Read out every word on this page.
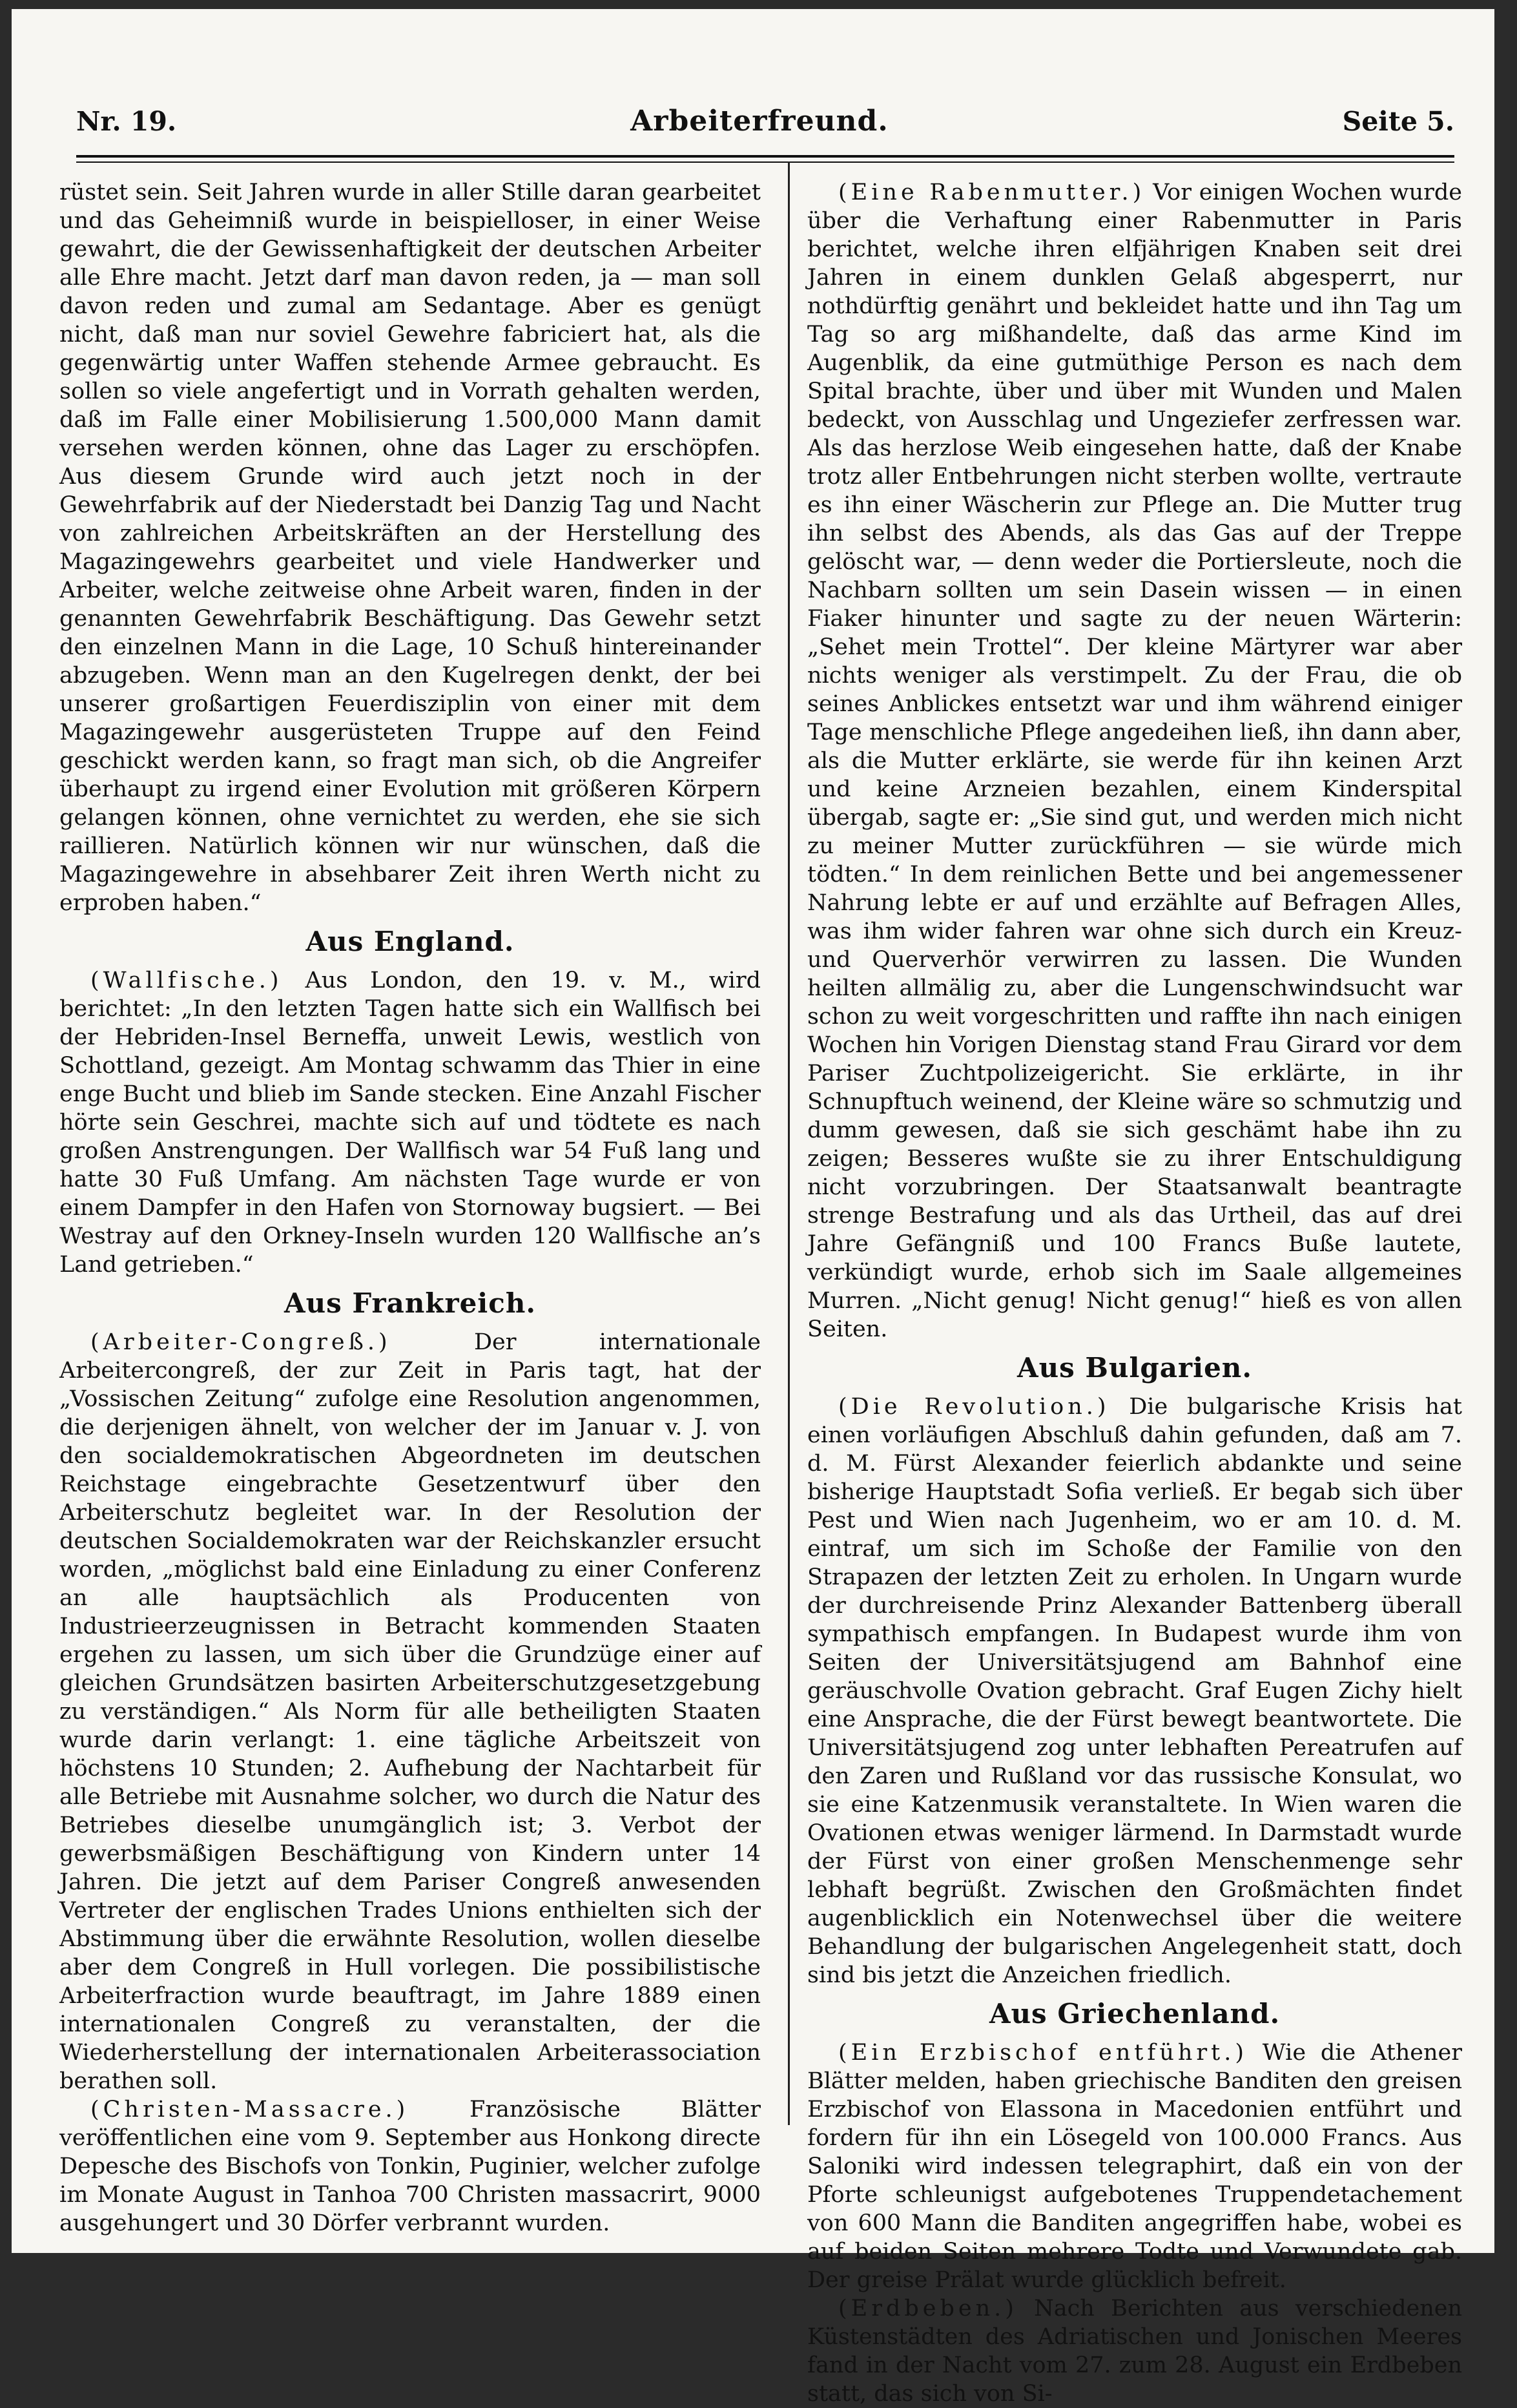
Nr. 19.	Arbeiterfreund.	Seite 5.

rüstet sein. Seit Jahren wurde in aller Stille daran gearbeitet und das Geheimniß wurde in beispielloser, in einer Weise gewahrt, die der Gewissenhaftigkeit der deutschen Arbeiter alle Ehre macht. Jetzt darf man davon reden, ja — man soll davon reden und zumal am Sedantage. Aber es genügt nicht, daß man nur soviel Gewehre fabriciert hat, als die gegenwärtig unter Waffen stehende Armee gebraucht. Es sollen so viele angefertigt und in Vorrath gehalten werden, daß im Falle einer Mobilisierung 1.500,000 Mann damit versehen werden können, ohne das Lager zu erschöpfen. Aus diesem Grunde wird auch jetzt noch in der Gewehrfabrik auf der Niederstadt bei Danzig Tag und Nacht von zahlreichen Arbeitskräften an der Herstellung des Magazingewehrs gearbeitet und viele Handwerker und Arbeiter, welche zeitweise ohne Arbeit waren, finden in der genannten Gewehrfabrik Beschäftigung. Das Gewehr setzt den einzelnen Mann in die Lage, 10 Schuß hintereinander abzugeben. Wenn man an den Kugelregen denkt, der bei unserer großartigen Feuerdisziplin von einer mit dem Magazingewehr ausgerüsteten Truppe auf den Feind geschickt werden kann, so fragt man sich, ob die Angreifer überhaupt zu irgend einer Evolution mit größeren Körpern gelangen können, ohne vernichtet zu werden, ehe sie sich raillieren. Natürlich können wir nur wünschen, daß die Magazingewehre in absehbarer Zeit ihren Werth nicht zu erproben haben.“

Aus England.

(Wallfische.) Aus London, den 19. v. M., wird berichtet: „In den letzten Tagen hatte sich ein Wallfisch bei der Hebriden-Insel Berneffa, unweit Lewis, westlich von Schottland, gezeigt. Am Montag schwamm das Thier in eine enge Bucht und blieb im Sande stecken. Eine Anzahl Fischer hörte sein Geschrei, machte sich auf und tödtete es nach großen Anstrengungen. Der Wallfisch war 54 Fuß lang und hatte 30 Fuß Umfang. Am nächsten Tage wurde er von einem Dampfer in den Hafen von Stornoway bugsiert. — Bei Westray auf den Orkney-Inseln wurden 120 Wallfische an’s Land getrieben.“

Aus Frankreich.

(Arbeiter-Congreß.) Der internationale Arbeitercongreß, der zur Zeit in Paris tagt, hat der „Vossischen Zeitung“ zufolge eine Resolution angenommen, die derjenigen ähnelt, von welcher der im Januar v. J. von den socialdemokratischen Abgeordneten im deutschen Reichstage eingebrachte Gesetzentwurf über den Arbeiterschutz begleitet war. In der Resolution der deutschen Socialdemokraten war der Reichskanzler ersucht worden, „möglichst bald eine Einladung zu einer Conferenz an alle hauptsächlich als Producenten von Industrieerzeugnissen in Betracht kommenden Staaten ergehen zu lassen, um sich über die Grundzüge einer auf gleichen Grundsätzen basirten Arbeiterschutzgesetzgebung zu verständigen.“ Als Norm für alle betheiligten Staaten wurde darin verlangt: 1. eine tägliche Arbeitszeit von höchstens 10 Stunden; 2. Aufhebung der Nachtarbeit für alle Betriebe mit Ausnahme solcher, wo durch die Natur des Betriebes dieselbe unumgänglich ist; 3. Verbot der gewerbsmäßigen Beschäftigung von Kindern unter 14 Jahren. Die jetzt auf dem Pariser Congreß anwesenden Vertreter der englischen Trades Unions enthielten sich der Abstimmung über die erwähnte Resolution, wollen dieselbe aber dem Congreß in Hull vorlegen. Die possibilistische Arbeiterfraction wurde beauftragt, im Jahre 1889 einen internationalen Congreß zu veranstalten, der die Wiederherstellung der internationalen Arbeiterassociation berathen soll.

(Christen-Massacre.) Französische Blätter veröffentlichen eine vom 9. September aus Honkong directe Depesche des Bischofs von Tonkin, Puginier, welcher zufolge im Monate August in Tanhoa 700 Christen massacrirt, 9000 ausgehungert und 30 Dörfer verbrannt wurden.

(Eine Rabenmutter.) Vor einigen Wochen wurde über die Verhaftung einer Rabenmutter in Paris berichtet, welche ihren elfjährigen Knaben seit drei Jahren in einem dunklen Gelaß abgesperrt, nur nothdürftig genährt und bekleidet hatte und ihn Tag um Tag so arg mißhandelte, daß das arme Kind im Augenblik, da eine gutmüthige Person es nach dem Spital brachte, über und über mit Wunden und Malen bedeckt, von Ausschlag und Ungeziefer zerfressen war. Als das herzlose Weib eingesehen hatte, daß der Knabe trotz aller Entbehrungen nicht sterben wollte, vertraute es ihn einer Wäscherin zur Pflege an. Die Mutter trug ihn selbst des Abends, als das Gas auf der Treppe gelöscht war, — denn weder die Portiersleute, noch die Nachbarn sollten um sein Dasein wissen — in einen Fiaker hinunter und sagte zu der neuen Wärterin: „Sehet mein Trottel“. Der kleine Märtyrer war aber nichts weniger als verstimpelt. Zu der Frau, die ob seines Anblickes entsetzt war und ihm während einiger Tage menschliche Pflege angedeihen ließ, ihn dann aber, als die Mutter erklärte, sie werde für ihn keinen Arzt und keine Arzneien bezahlen, einem Kinderspital übergab, sagte er: „Sie sind gut, und werden mich nicht zu meiner Mutter zurückführen — sie würde mich tödten.“ In dem reinlichen Bette und bei angemessener Nahrung lebte er auf und erzählte auf Befragen Alles, was ihm wider fahren war ohne sich durch ein Kreuz- und Querverhör verwirren zu lassen. Die Wunden heilten allmälig zu, aber die Lungenschwindsucht war schon zu weit vorgeschritten und raffte ihn nach einigen Wochen hin Vorigen Dienstag stand Frau Girard vor dem Pariser Zuchtpolizeigericht. Sie erklärte, in ihr Schnupftuch weinend, der Kleine wäre so schmutzig und dumm gewesen, daß sie sich geschämt habe ihn zu zeigen; Besseres wußte sie zu ihrer Entschuldigung nicht vorzubringen. Der Staatsanwalt beantragte strenge Bestrafung und als das Urtheil, das auf drei Jahre Gefängniß und 100 Francs Buße lautete, verkündigt wurde, erhob sich im Saale allgemeines Murren. „Nicht genug! Nicht genug!“ hieß es von allen Seiten.

Aus Bulgarien.

(Die Revolution.) Die bulgarische Krisis hat einen vorläufigen Abschluß dahin gefunden, daß am 7. d. M. Fürst Alexander feierlich abdankte und seine bisherige Hauptstadt Sofia verließ. Er begab sich über Pest und Wien nach Jugenheim, wo er am 10. d. M. eintraf, um sich im Schoße der Familie von den Strapazen der letzten Zeit zu erholen. In Ungarn wurde der durchreisende Prinz Alexander Battenberg überall sympathisch empfangen. In Budapest wurde ihm von Seiten der Universitätsjugend am Bahnhof eine geräuschvolle Ovation gebracht. Graf Eugen Zichy hielt eine Ansprache, die der Fürst bewegt beantwortete. Die Universitätsjugend zog unter lebhaften Pereatrufen auf den Zaren und Rußland vor das russische Konsulat, wo sie eine Katzenmusik veranstaltete. In Wien waren die Ovationen etwas weniger lärmend. In Darmstadt wurde der Fürst von einer großen Menschenmenge sehr lebhaft begrüßt. Zwischen den Großmächten findet augenblicklich ein Notenwechsel über die weitere Behandlung der bulgarischen Angelegenheit statt, doch sind bis jetzt die Anzeichen friedlich.

Aus Griechenland.

(Ein Erzbischof entführt.) Wie die Athener Blätter melden, haben griechische Banditen den greisen Erzbischof von Elassona in Macedonien entführt und fordern für ihn ein Lösegeld von 100.000 Francs. Aus Saloniki wird indessen telegraphirt, daß ein von der Pforte schleunigst aufgebotenes Truppendetachement von 600 Mann die Banditen angegriffen habe, wobei es auf beiden Seiten mehrere Todte und Verwundete gab. Der greise Prälat wurde glücklich befreit.

(Erdbeben.) Nach Berichten aus verschiedenen Küstenstädten des Adriatischen und Jonischen Meeres fand in der Nacht vom 27. zum 28. August ein Erdbeben statt, das sich von Si-
